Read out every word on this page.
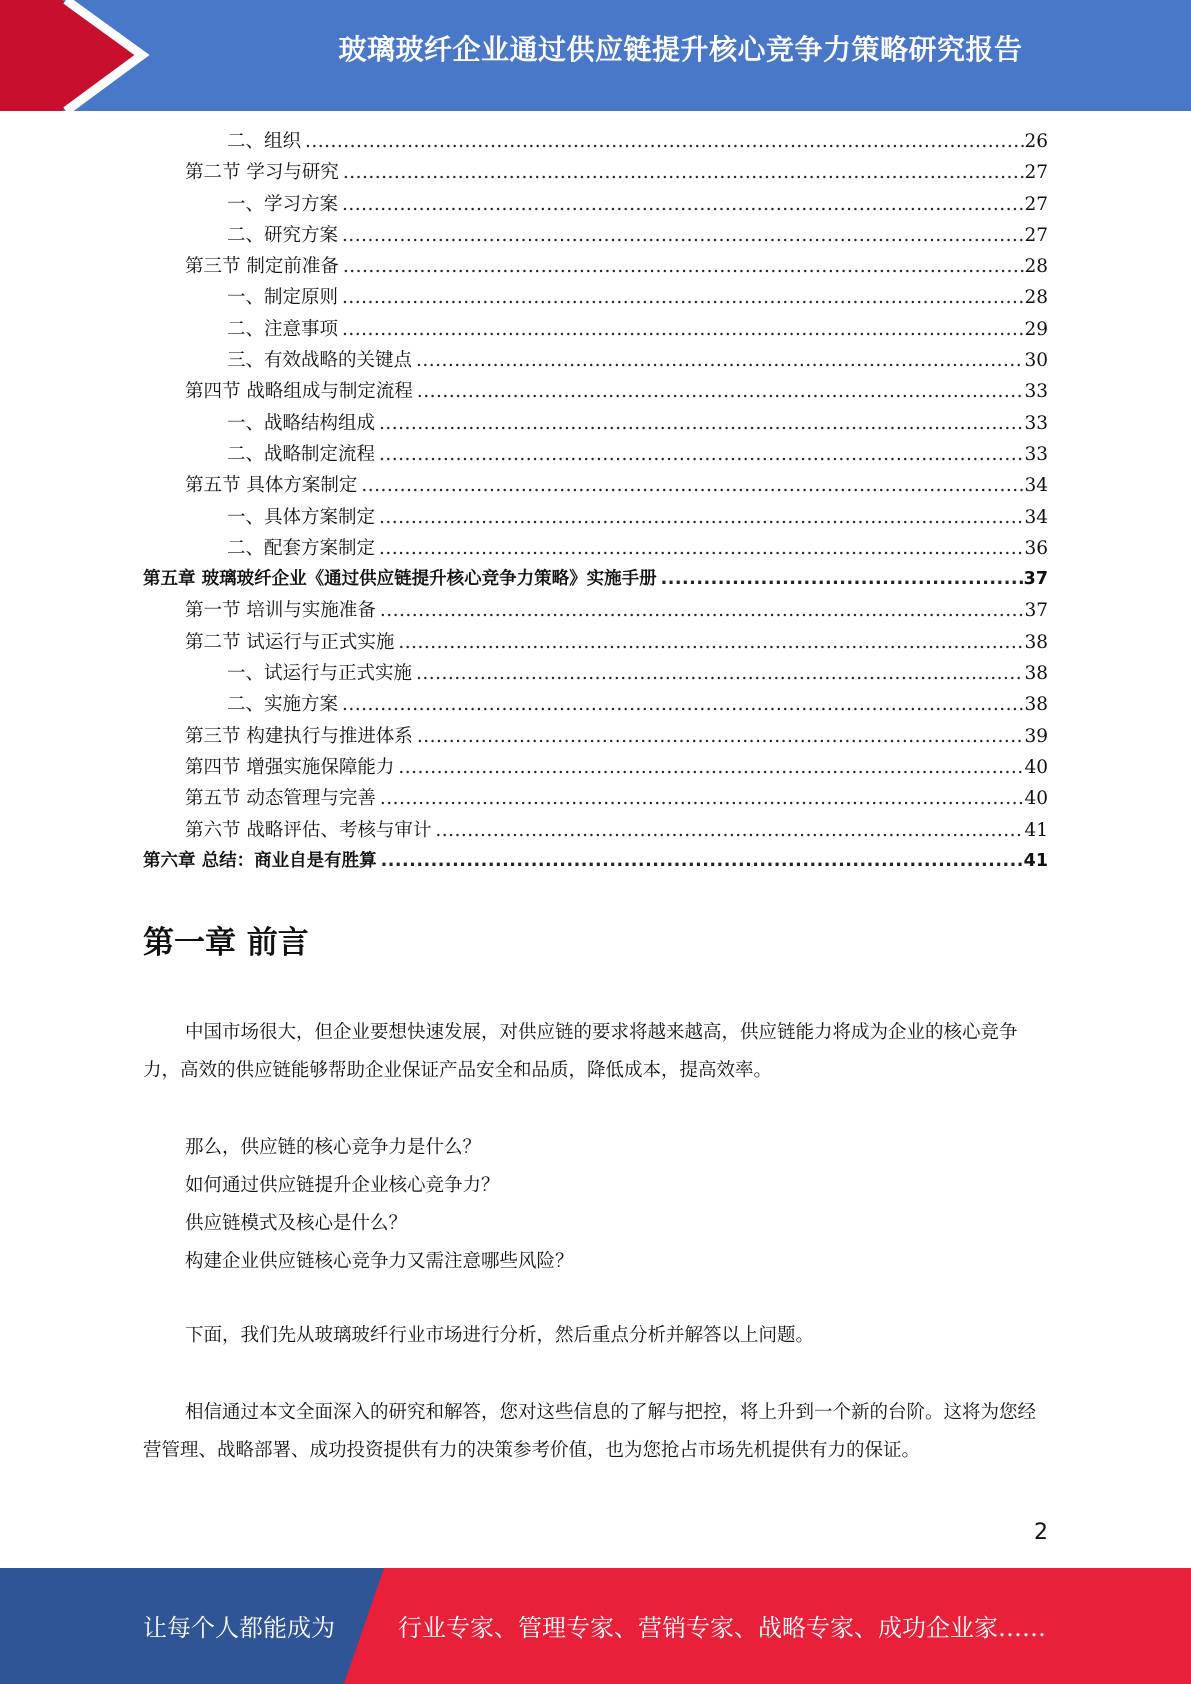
玻璃玻纤企业通过供应链提升核心竞争力策略研究报告
二、组织 .....	26
第二节 学习与研究 .....	27
一、学习方案 .....	27
二、研究方案 .....	27
第三节 制定前准备 .....	28
一、制定原则 .....	28
二、注意事项 .....	29
三、有效战略的关键点 .....	30
第四节 战略组成与制定流程 .....	33
一、战略结构组成 .....	33
二、战略制定流程 .....	33
第五节 具体方案制定 .....	34
一、具体方案制定 .....	34
二、配套方案制定 .....	36
第五章 玻璃玻纤企业《通过供应链提升核心竞争力策略》实施手册 .....	37
第一节 培训与实施准备 .....	37
第二节 试运行与正式实施 .....	38
一、试运行与正式实施 .....	38
二、实施方案 .....	38
第三节 构建执行与推进体系 .....	39
第四节 增强实施保障能力 .....	40
第五节 动态管理与完善 .....	40
第六节 战略评估、考核与审计 .....	41
第六章 总结：商业自是有胜算 .....	41
第一章 前言

中国市场很大，但企业要想快速发展，对供应链的要求将越来越高，供应链能力将成为企业的核心竞争力，高效的供应链能够帮助企业保证产品安全和品质，降低成本，提高效率。

那么，供应链的核心竞争力是什么？
如何通过供应链提升企业核心竞争力？
供应链模式及核心是什么？
构建企业供应链核心竞争力又需注意哪些风险？

下面，我们先从玻璃玻纤行业市场进行分析，然后重点分析并解答以上问题。

相信通过本文全面深入的研究和解答，您对这些信息的了解与把控，将上升到一个新的台阶。这将为您经营管理、战略部署、成功投资提供有力的决策参考价值，也为您抢占市场先机提供有力的保证。

2
让每个人都能成为	行业专家、管理专家、营销专家、战略专家、成功企业家……
